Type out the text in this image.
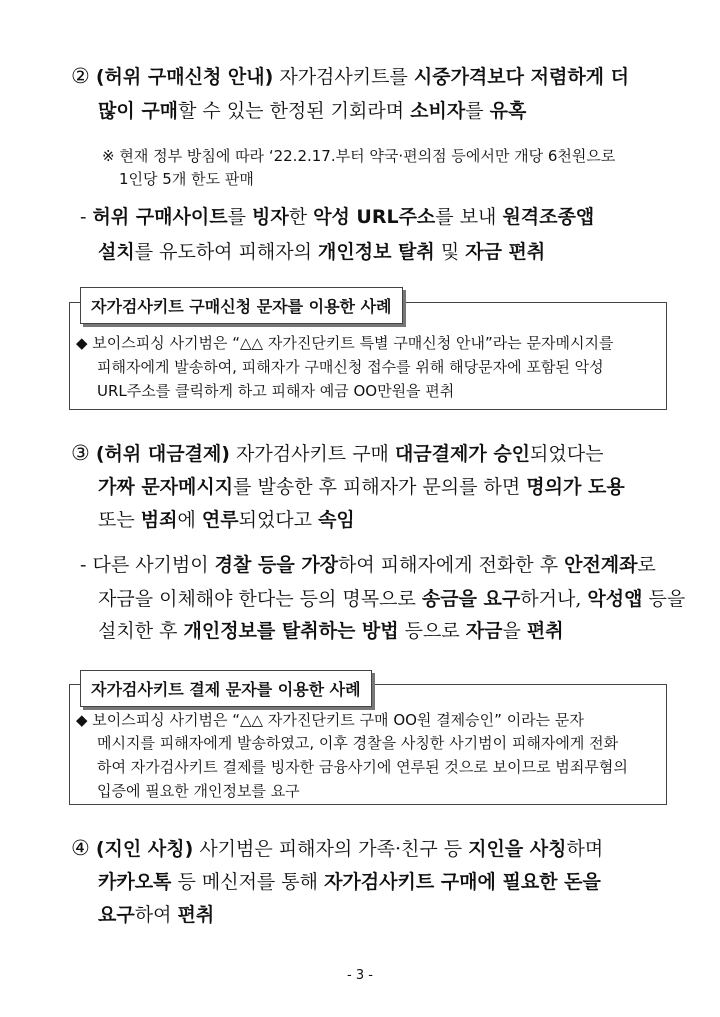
② (허위 구매신청 안내) 자가검사키트를 시중가격보다 저렴하게 더
많이 구매할 수 있는 한정된 기회라며 소비자를 유혹
※ 현재 정부 방침에 따라 ‘22.2.17.부터 약국·편의점 등에서만 개당 6천원으로
1인당 5개 한도 판매
- 허위 구매사이트를 빙자한 악성 URL주소를 보내 원격조종앱
설치를 유도하여 피해자의 개인정보 탈취 및 자금 편취
◆ 보이스피싱 사기범은 “△△ 자가진단키트 특별 구매신청 안내”라는 문자메시지를
피해자에게 발송하여, 피해자가 구매신청 접수를 위해 해당문자에 포함된 악성
URL주소를 클릭하게 하고 피해자 예금 OO만원을 편취
자가검사키트 구매신청 문자를 이용한 사례
③ (허위 대금결제) 자가검사키트 구매 대금결제가 승인되었다는
가짜 문자메시지를 발송한 후 피해자가 문의를 하면 명의가 도용
또는 범죄에 연루되었다고 속임
- 다른 사기범이 경찰 등을 가장하여 피해자에게 전화한 후 안전계좌로
자금을 이체해야 한다는 등의 명목으로 송금을 요구하거나, 악성앱 등을
설치한 후 개인정보를 탈취하는 방법 등으로 자금을 편취
◆ 보이스피싱 사기범은 “△△ 자가진단키트 구매 OO원 결제승인” 이라는 문자
메시지를 피해자에게 발송하였고, 이후 경찰을 사칭한 사기범이 피해자에게 전화
하여 자가검사키트 결제를 빙자한 금융사기에 연루된 것으로 보이므로 범죄무혐의
입증에 필요한 개인정보를 요구
자가검사키트 결제 문자를 이용한 사례
④ (지인 사칭) 사기범은 피해자의 가족·친구 등 지인을 사칭하며
카카오톡 등 메신저를 통해 자가검사키트 구매에 필요한 돈을
요구하여 편취
- 3 -
